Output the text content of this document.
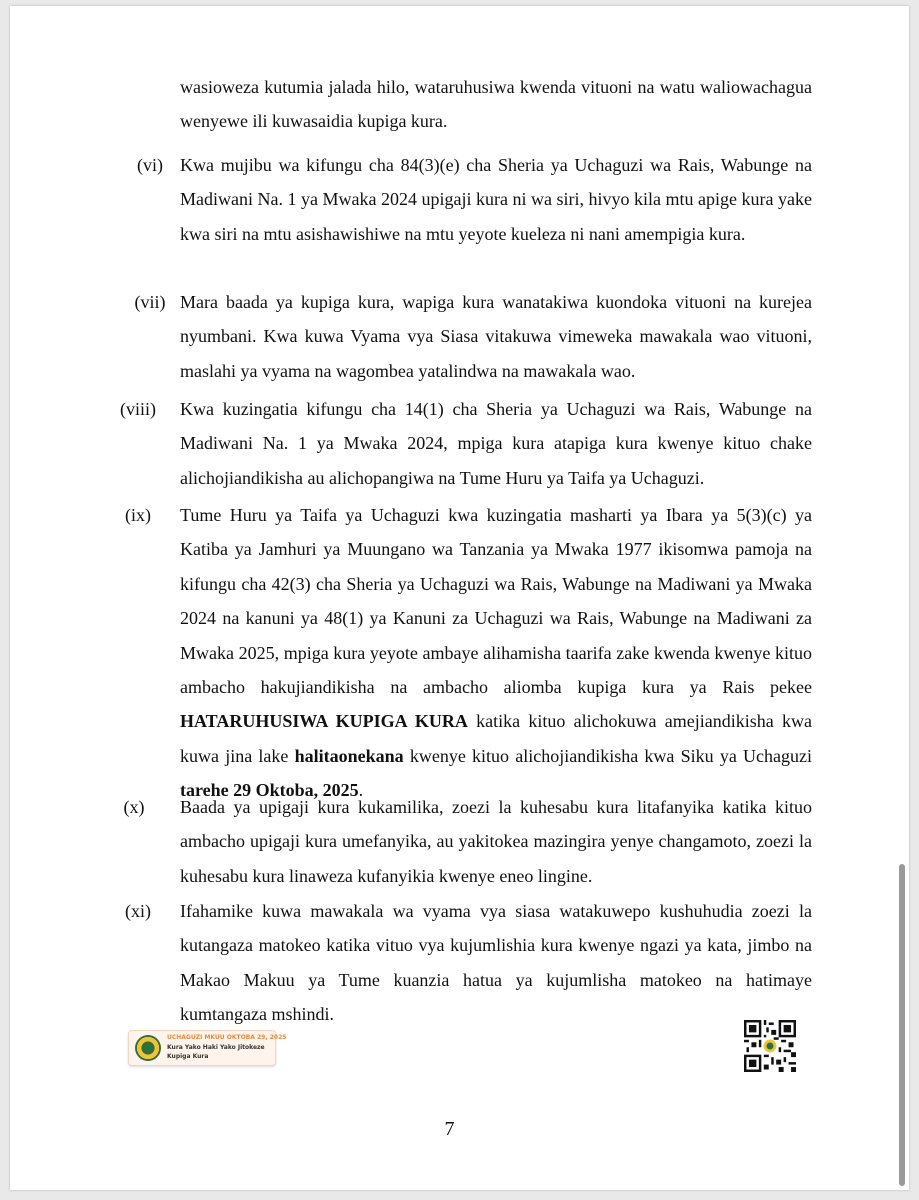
wasioweza kutumia jalada hilo, wataruhusiwa kwenda vituoni na watu waliowachagua wenyewe ili kuwasaidia kupiga kura.

(vi) Kwa mujibu wa kifungu cha 84(3)(e) cha Sheria ya Uchaguzi wa Rais, Wabunge na Madiwani Na. 1 ya Mwaka 2024 upigaji kura ni wa siri, hivyo kila mtu apige kura yake kwa siri na mtu asishawishiwe na mtu yeyote kueleza ni nani amempigia kura.

(vii) Mara baada ya kupiga kura, wapiga kura wanatakiwa kuondoka vituoni na kurejea nyumbani. Kwa kuwa Vyama vya Siasa vitakuwa vimeweka mawakala wao vituoni, maslahi ya vyama na wagombea yatalindwa na mawakala wao.

(viii)	Kwa kuzingatia kifungu cha 14(1) cha Sheria ya Uchaguzi wa Rais, Wabunge na Madiwani Na. 1 ya Mwaka 2024, mpiga kura atapiga kura kwenye kituo chake alichojiandikisha au alichopangiwa na Tume Huru ya Taifa ya Uchaguzi.

(ix)	Tume Huru ya Taifa ya Uchaguzi kwa kuzingatia masharti ya Ibara ya 5(3)(c) ya Katiba ya Jamhuri ya Muungano wa Tanzania ya Mwaka 1977 ikisomwa pamoja na kifungu cha 42(3) cha Sheria ya Uchaguzi wa Rais, Wabunge na Madiwani ya Mwaka 2024 na kanuni ya 48(1) ya Kanuni za Uchaguzi wa Rais, Wabunge na Madiwani za Mwaka 2025, mpiga kura yeyote ambaye alihamisha taarifa zake kwenda kwenye kituo ambacho hakujiandikisha na ambacho aliomba kupiga kura ya Rais pekee HATARUHUSIWA KUPIGA KURA katika kituo alichokuwa amejiandikisha kwa kuwa jina lake halitaonekana kwenye kituo alichojiandikisha kwa Siku ya Uchaguzi tarehe 29 Oktoba, 2025.

(x)	Baada ya upigaji kura kukamilika, zoezi la kuhesabu kura litafanyika katika kituo ambacho upigaji kura umefanyika, au yakitokea mazingira yenye changamoto, zoezi la kuhesabu kura linaweza kufanyikia kwenye eneo lingine.

(xi)	Ifahamike kuwa mawakala wa vyama vya siasa watakuwepo kushuhudia zoezi la kutangaza matokeo katika vituo vya kujumlishia kura kwenye ngazi ya kata, jimbo na Makao Makuu ya Tume kuanzia hatua ya kujumlisha matokeo na hatimaye kumtangaza mshindi.

UCHAGUZI MKUU OKTOBA 29, 2025
Kura Yako Haki Yako Jitokeze
Kupiga Kura
7
